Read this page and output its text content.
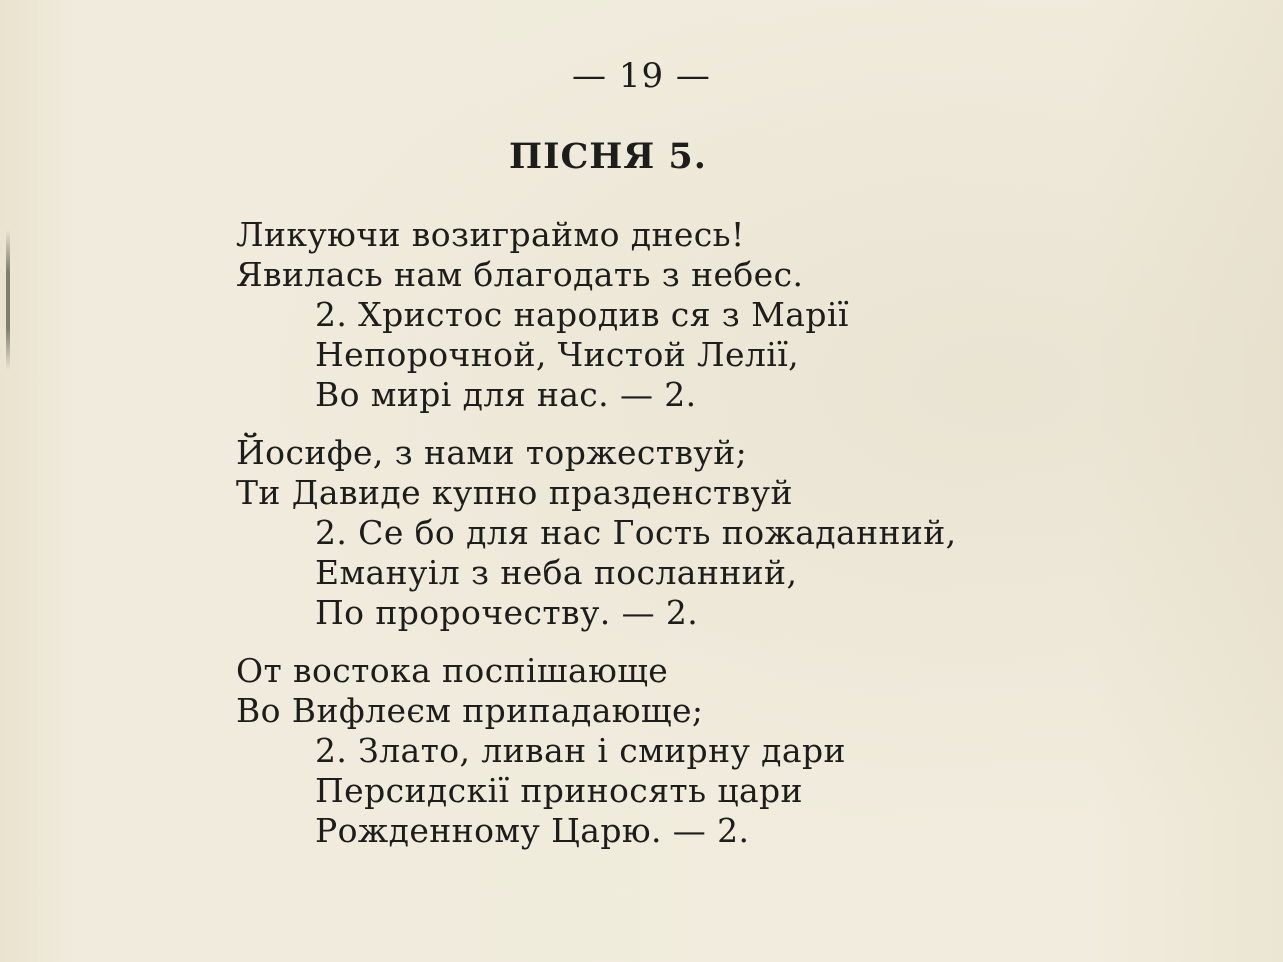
— 19 —
ПІСНЯ 5.
Ликуючи возиграймо днесь!
Явилась нам благодать з небес.
2. Христос народив ся з Марії
Непорочной, Чистой Лелії,
Во мирі для нас. — 2.
Йосифе, з нами торжествуй;
Ти Давиде купно празденствуй
2. Се бо для нас Гость пожаданний,
Емануіл з неба посланний,
По пророчеству. — 2.
От востока поспішающе
Во Вифлеєм припадающе;
2. Злато, ливан і смирну дари
Персидскії приносять цари
Рожденному Царю. — 2.
